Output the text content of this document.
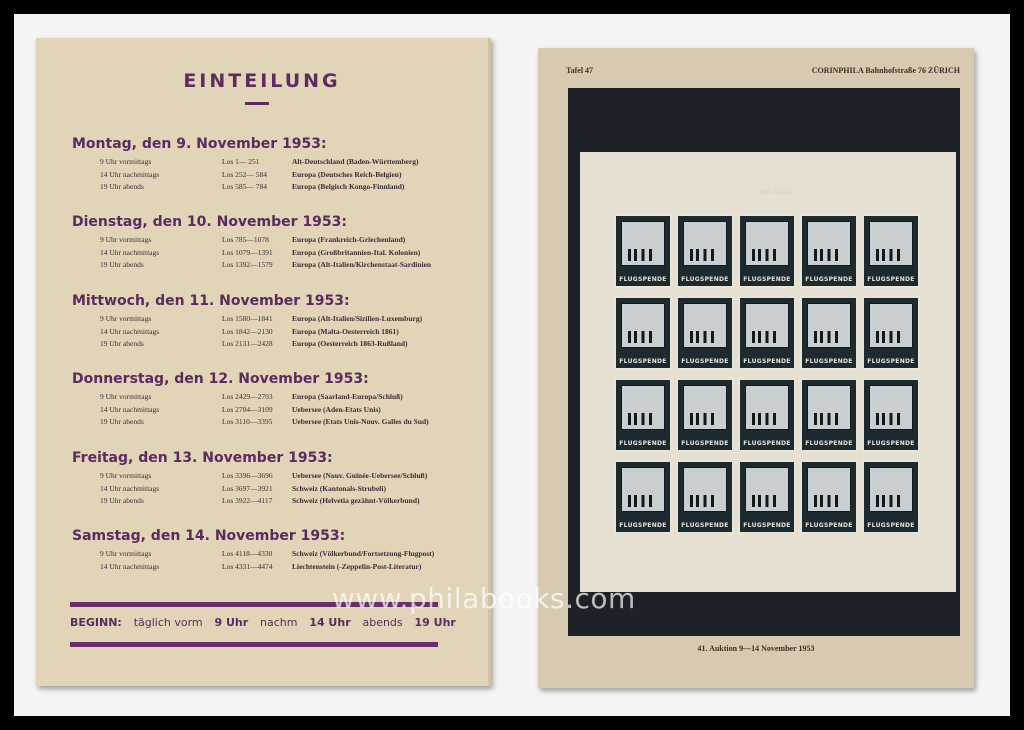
EINTEILUNG
Montag, den 9. November 1953:
9 Uhr vormittags	Los 1— 251	Alt-Deutschland (Baden-Württemberg)
14 Uhr nachmittags	Los 252— 584	Europa (Deutsches Reich-Belgien)
19 Uhr abends	Los 585— 784	Europa (Belgisch Kongo-Finnland)
Dienstag, den 10. November 1953:
9 Uhr vormittags	Los 785—1078	Europa (Frankreich-Griechenland)
14 Uhr nachmittags	Los 1079—1391	Europa (Großbritannien-Ital. Kolonien)
19 Uhr abends	Los 1392—1579	Europa (Alt-Italien/Kirchenstaat-Sardinien
Mittwoch, den 11. November 1953:
9 Uhr vormittags	Los 1580—1841	Europa (Alt-Italien/Sizilien-Luxemburg)
14 Uhr nachmittags	Los 1842—2130	Europa (Malta-Oesterreich 1861)
19 Uhr abends	Los 2131—2428	Europa (Oesterreich 1863-Rußland)
Donnerstag, den 12. November 1953:
9 Uhr vormittags	Los 2429—2703	Europa (Saarland-Europa/Schluß)
14 Uhr nachmittags	Los 2704—3109	Uebersee (Aden-Etats Unis)
19 Uhr abends	Los 3110—3395	Uebersee (Etats Unis-Nouv. Galles du Sud)
Freitag, den 13. November 1953:
9 Uhr vormittags	Los 3396—3696	Uebersee (Nouv. Guinée-Uebersee/Schluß)
14 Uhr nachmittags	Los 3697—3921	Schweiz (Kantonals-Strubeli)
19 Uhr abends	Los 3922—4117	Schweiz (Helvetia gezähnt-Völkerbund)
Samstag, den 14. November 1953:
9 Uhr vormittags	Los 4118—4330	Schweiz (Völkerbund/Fortsetzung-Flugpost)
14 Uhr nachmittags	Los 4331—4474	Liechtenstein (-Zeppelin-Post-Literatur)
BEGINN: täglich vorm 9 Uhr nachm 14 Uhr abends 19 Uhr
Tafel 47	CORINPHILA Bahnhofstraße 76 ZÜRICH
FLUGSPENDE	FLUGSPENDE	FLUGSPENDE	FLUGSPENDE	FLUGSPENDE
FLUGSPENDE	FLUGSPENDE	FLUGSPENDE	FLUGSPENDE	FLUGSPENDE
FLUGSPENDE	FLUGSPENDE	FLUGSPENDE	FLUGSPENDE	FLUGSPENDE
FLUGSPENDE	FLUGSPENDE	FLUGSPENDE	FLUGSPENDE	FLUGSPENDE
Los 4204
41. Auktion 9—14 November 1953
www.philabooks.com
